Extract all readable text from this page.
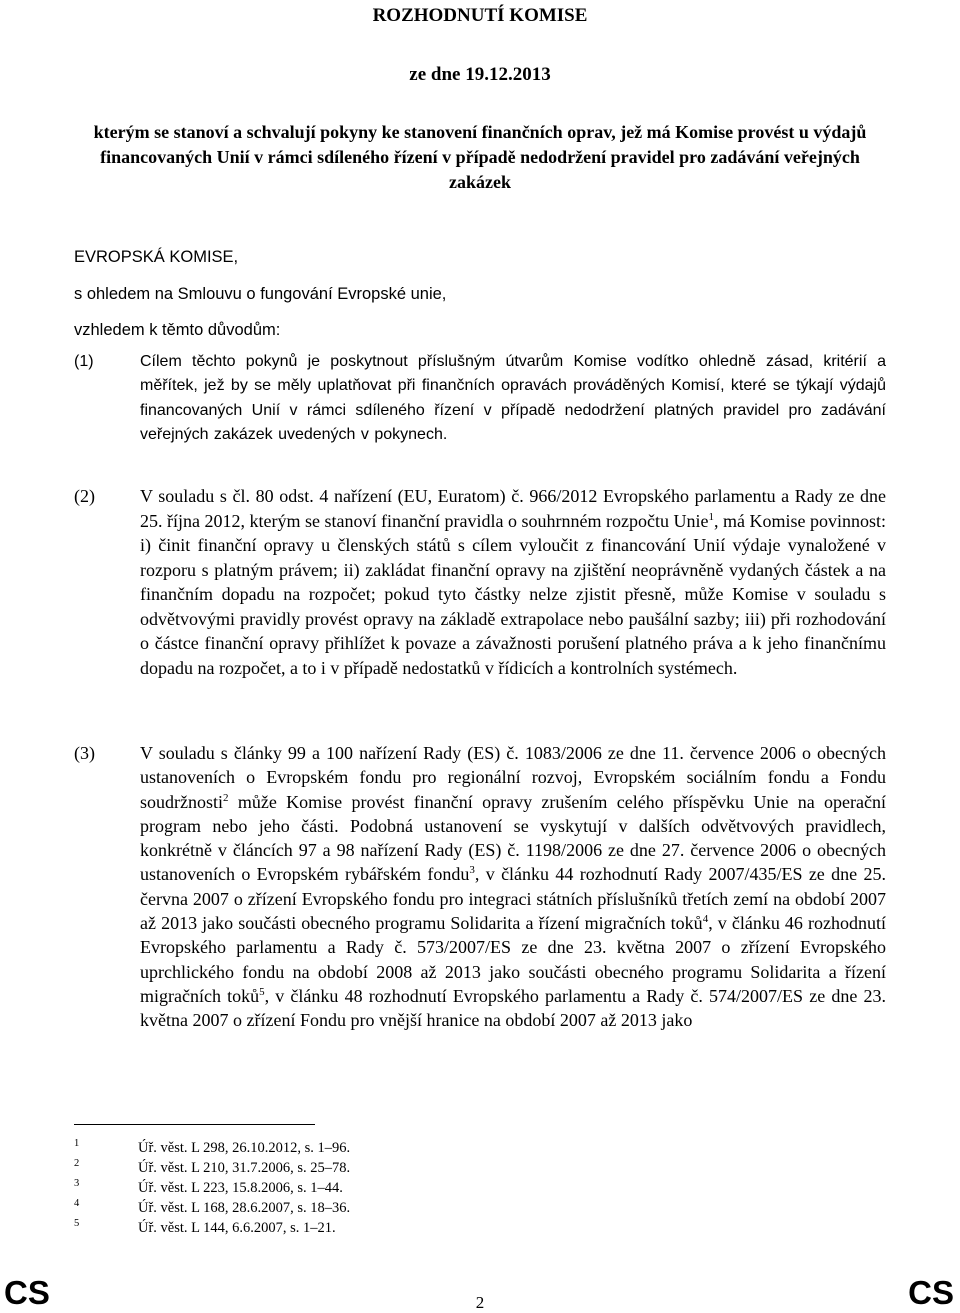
ROZHODNUTÍ KOMISE
ze dne 19.12.2013
kterým se stanoví a schvalují pokyny ke stanovení finančních oprav, jež má Komise provést u výdajů financovaných Unií v rámci sdíleného řízení v případě nedodržení pravidel pro zadávání veřejných zakázek
EVROPSKÁ KOMISE,
s ohledem na Smlouvu o fungování Evropské unie,
vzhledem k těmto důvodům:
(1)	Cílem těchto pokynů je poskytnout příslušným útvarům Komise vodítko ohledně zásad, kritérií a měřítek, jež by se měly uplatňovat při finančních opravách prováděných Komisí, které se týkají výdajů financovaných Unií v rámci sdíleného řízení v případě nedodržení platných pravidel pro zadávání veřejných zakázek uvedených v pokynech.
(2)	V souladu s čl. 80 odst. 4 nařízení (EU, Euratom) č. 966/2012 Evropského parlamentu a Rady ze dne 25. října 2012, kterým se stanoví finanční pravidla o souhrnném rozpočtu Unie$^1$, má Komise povinnost: i) činit finanční opravy u členských států s cílem vyloučit z financování Unií výdaje vynaložené v rozporu s platným právem; ii) zakládat finanční opravy na zjištění neoprávněně vydaných částek a na finančním dopadu na rozpočet; pokud tyto částky nelze zjistit přesně, může Komise v souladu s odvětvovými pravidly provést opravy na základě extrapolace nebo paušální sazby; iii) při rozhodování o částce finanční opravy přihlížet k povaze a závažnosti porušení platného práva a k jeho finančnímu dopadu na rozpočet, a to i v případě nedostatků v řídicích a kontrolních systémech.
(3)	V souladu s články 99 a 100 nařízení Rady (ES) č. 1083/2006 ze dne 11. července 2006 o obecných ustanoveních o Evropském fondu pro regionální rozvoj, Evropském sociálním fondu a Fondu soudržnosti$^2$ může Komise provést finanční opravy zrušením celého příspěvku Unie na operační program nebo jeho části. Podobná ustanovení se vyskytují v dalších odvětvových pravidlech, konkrétně v článcích 97 a 98 nařízení Rady (ES) č. 1198/2006 ze dne 27. července 2006 o obecných ustanoveních o Evropském rybářském fondu$^3$, v článku 44 rozhodnutí Rady 2007/435/ES ze dne 25. června 2007 o zřízení Evropského fondu pro integraci státních příslušníků třetích zemí na období 2007 až 2013 jako součásti obecného programu Solidarita a řízení migračních toků$^4$, v článku 46 rozhodnutí Evropského parlamentu a Rady č. 573/2007/ES ze dne 23. května 2007 o zřízení Evropského uprchlického fondu na období 2008 až 2013 jako součásti obecného programu Solidarita a řízení migračních toků$^5$, v článku 48 rozhodnutí Evropského parlamentu a Rady č. 574/2007/ES ze dne 23. května 2007 o zřízení Fondu pro vnější hranice na období 2007 až 2013 jako
1	Úř. věst. L 298, 26.10.2012, s. 1–96.
2	Úř. věst. L 210, 31.7.2006, s. 25–78.
3	Úř. věst. L 223, 15.8.2006, s. 1–44.
4	Úř. věst. L 168, 28.6.2007, s. 18–36.
5	Úř. věst. L 144, 6.6.2007, s. 1–21.
CS	2	CS
